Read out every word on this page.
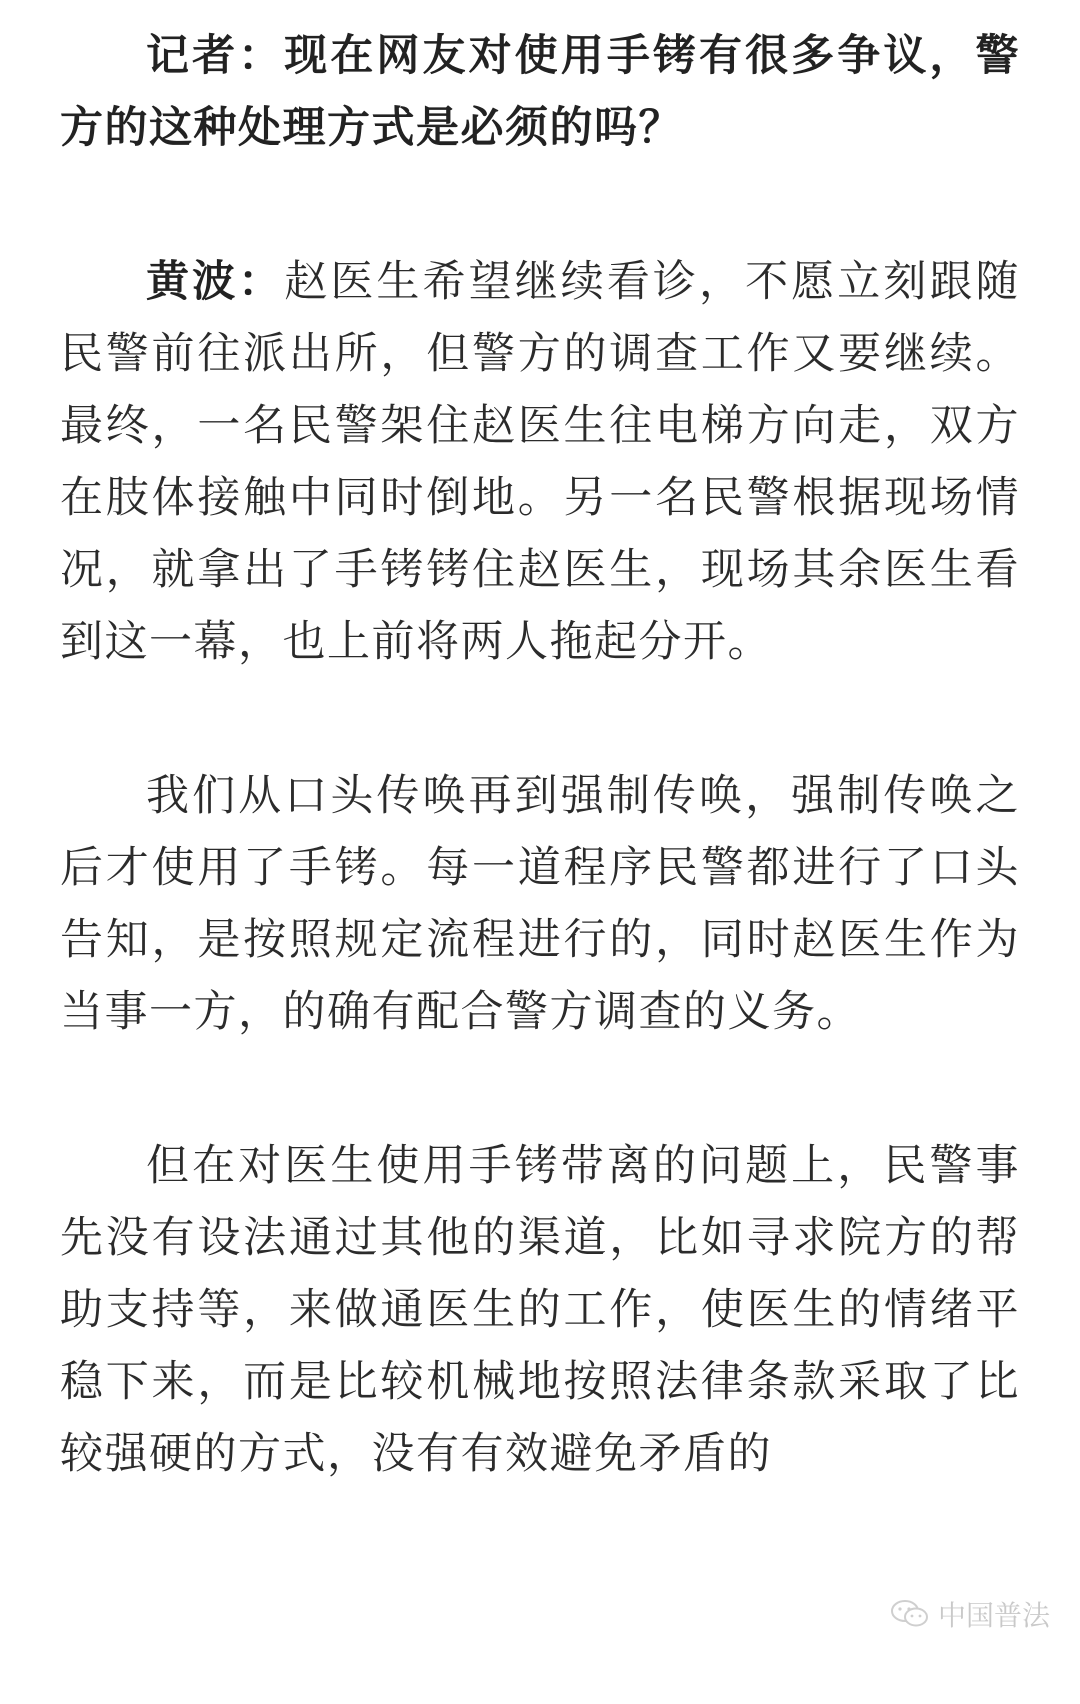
记者：现在网友对使用手铐有很多争议，警方的这种处理方式是必须的吗？

黄波：赵医生希望继续看诊，不愿立刻跟随民警前往派出所，但警方的调查工作又要继续。最终，一名民警架住赵医生往电梯方向走，双方在肢体接触中同时倒地。另一名民警根据现场情况，就拿出了手铐铐住赵医生，现场其余医生看到这一幕，也上前将两人拖起分开。

我们从口头传唤再到强制传唤，强制传唤之后才使用了手铐。每一道程序民警都进行了口头告知，是按照规定流程进行的，同时赵医生作为当事一方，的确有配合警方调查的义务。

但在对医生使用手铐带离的问题上，民警事先没有设法通过其他的渠道，比如寻求院方的帮助支持等，来做通医生的工作，使医生的情绪平稳下来，而是比较机械地按照法律条款采取了比较强硬的方式，没有有效避免矛盾的

中国普法
